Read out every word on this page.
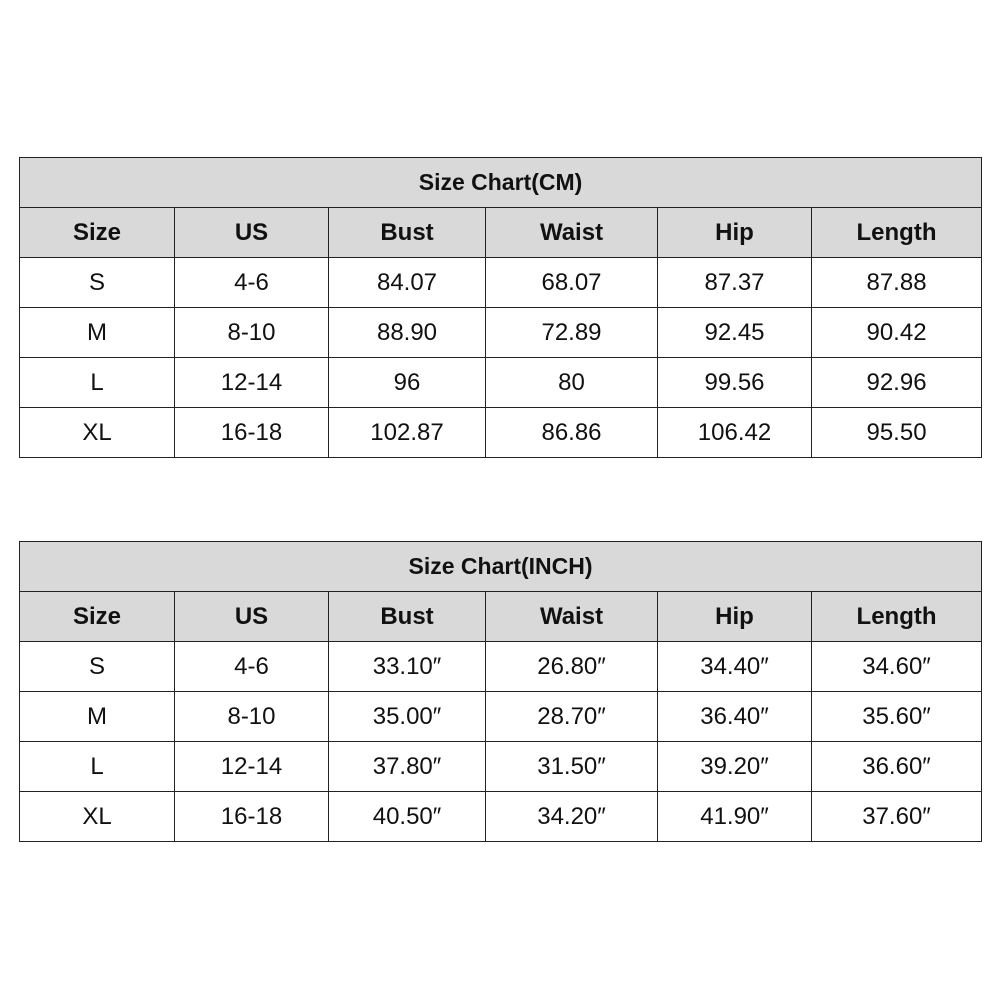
Size Chart(CM)					
Size	US	Bust	Waist	Hip	Length
S	4-6	84.07	68.07	87.37	87.88
M	8-10	88.90	72.89	92.45	90.42
L	12-14	96	80	99.56	92.96
XL	16-18	102.87	86.86	106.42	95.50
Size Chart(INCH)					
Size	US	Bust	Waist	Hip	Length
S	4-6	33.10″	26.80″	34.40″	34.60″
M	8-10	35.00″	28.70″	36.40″	35.60″
L	12-14	37.80″	31.50″	39.20″	36.60″
XL	16-18	40.50″	34.20″	41.90″	37.60″
